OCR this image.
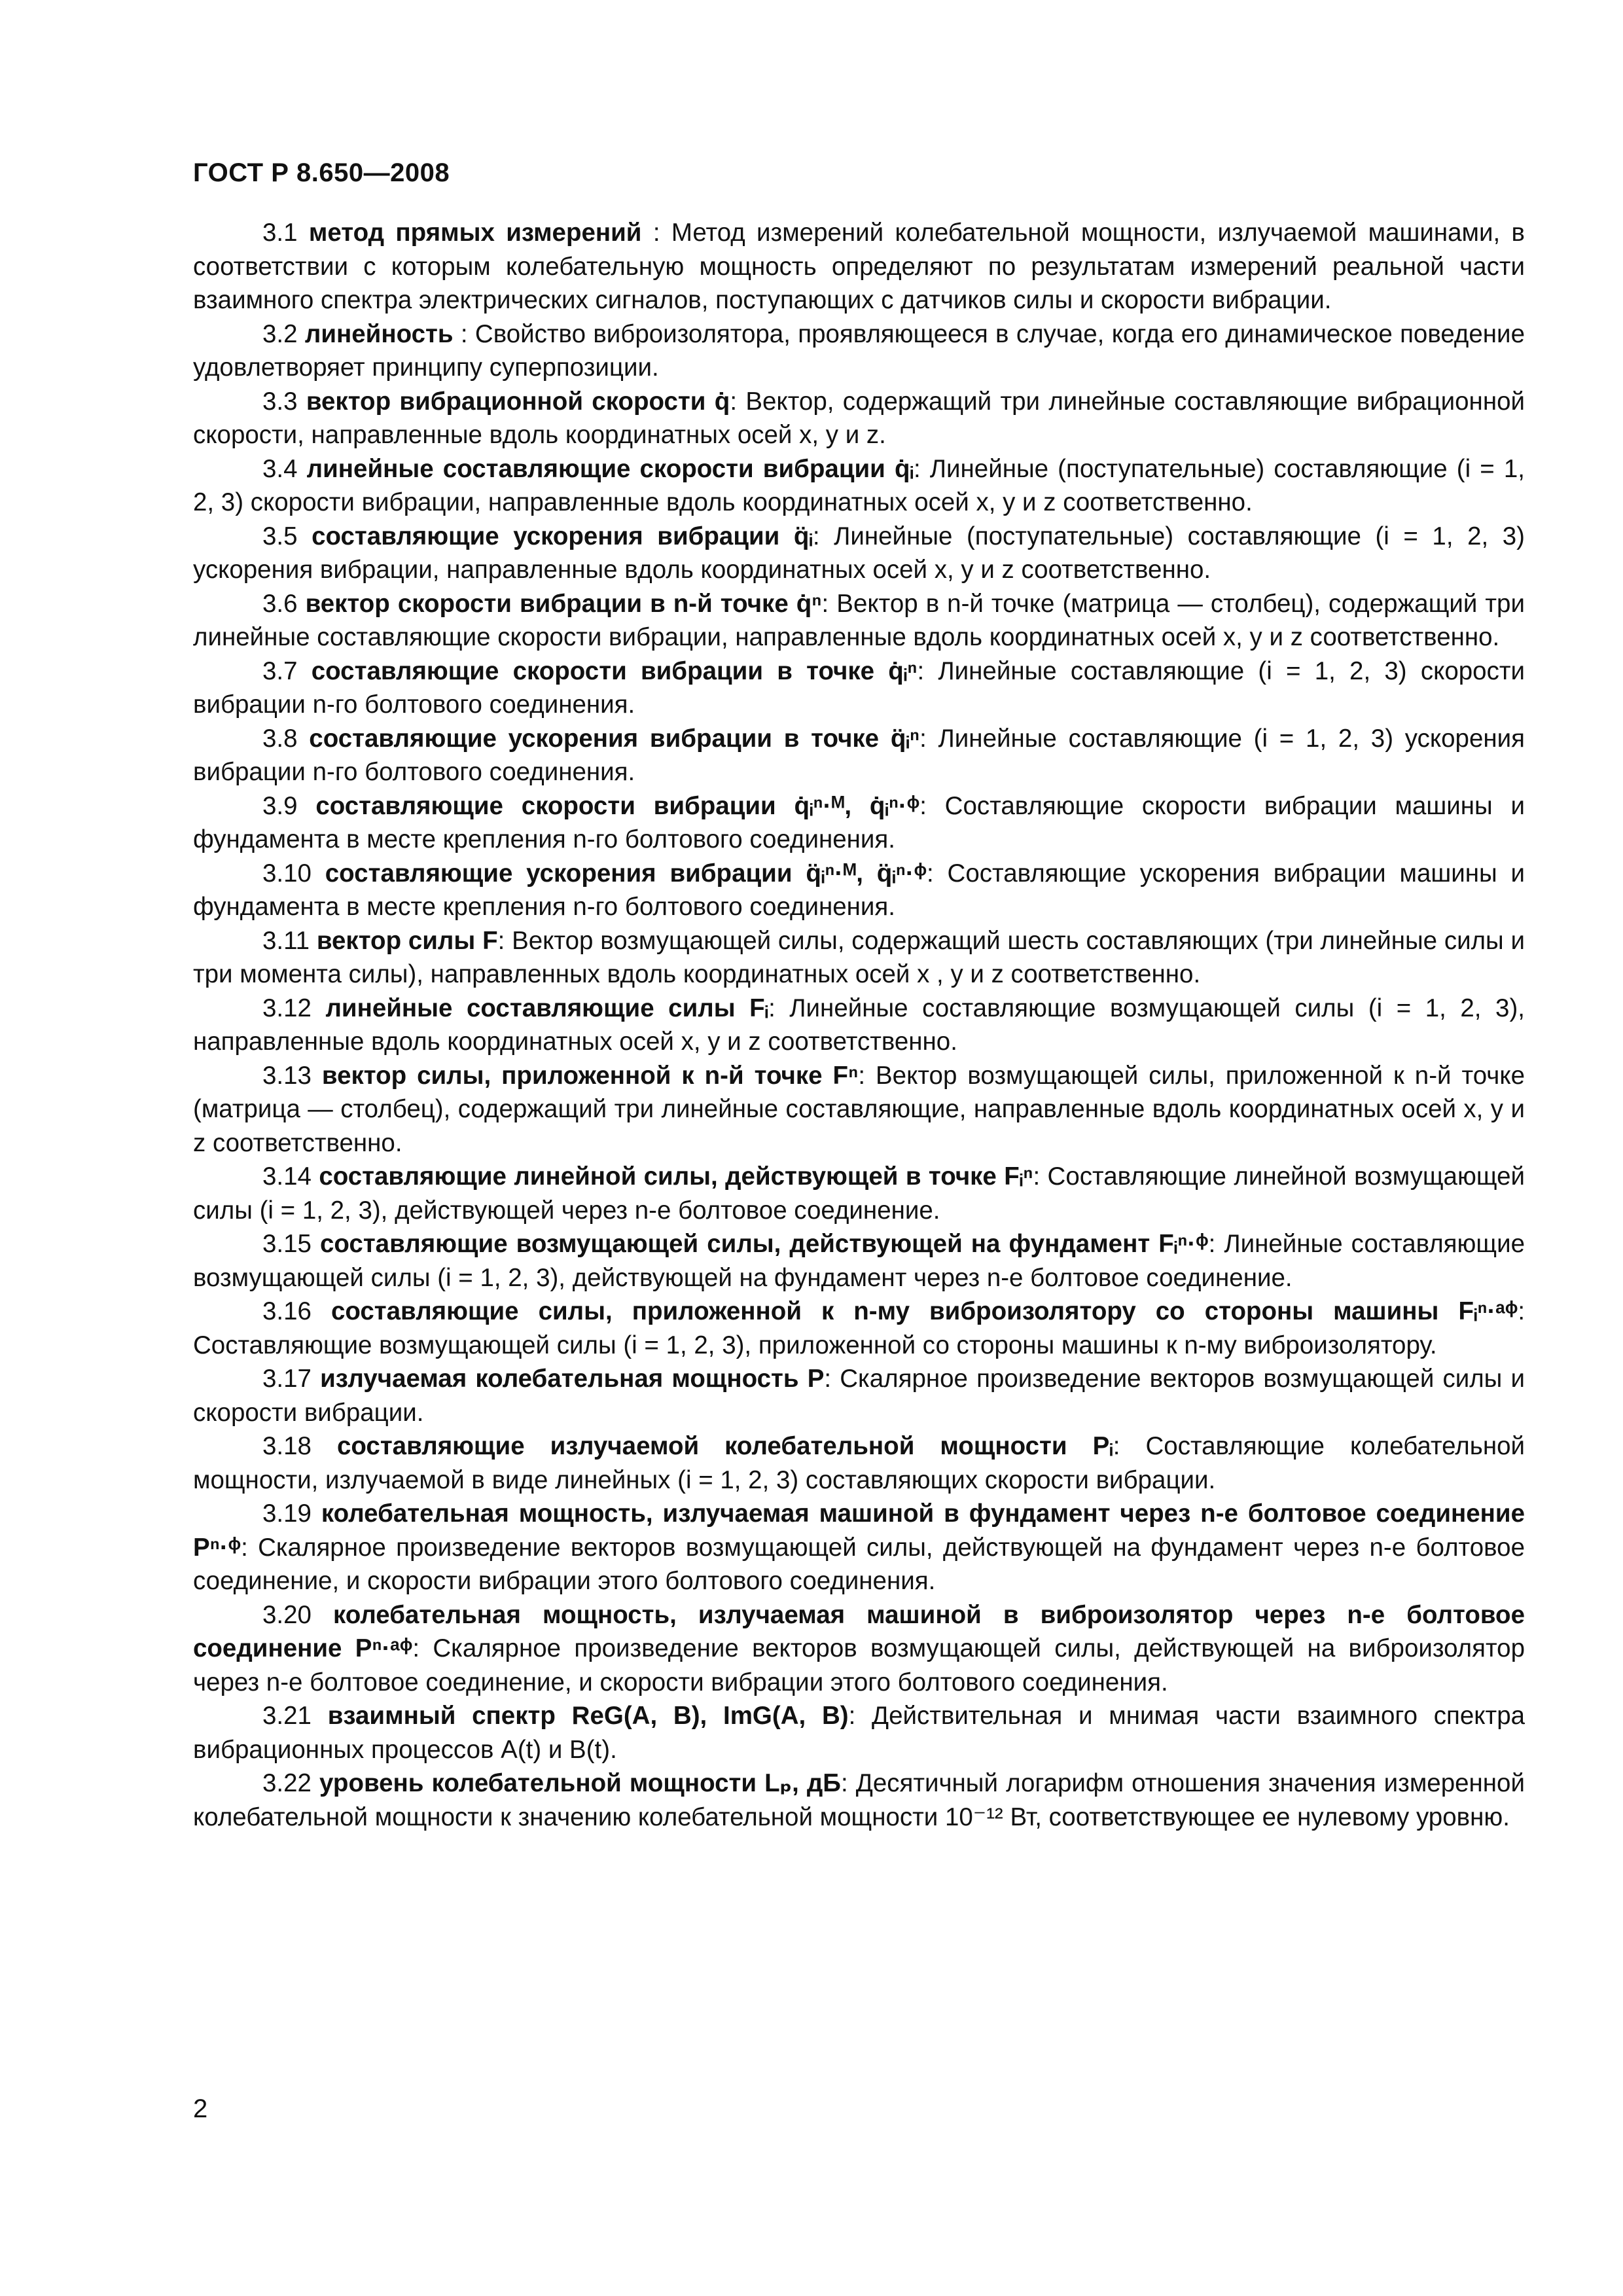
ГОСТ Р 8.650—2008

3.1 метод прямых измерений : Метод измерений колебательной мощности, излучаемой машинами, в соответствии с которым колебательную мощность определяют по результатам измерений реальной части взаимного спектра электрических сигналов, поступающих с датчиков силы и скорости вибрации.

3.2 линейность : Свойство виброизолятора, проявляющееся в случае, когда его динамическое поведение удовлетворяет принципу суперпозиции.

3.3 вектор вибрационной скорости q̇: Вектор, содержащий три линейные составляющие вибрационной скорости, направленные вдоль координатных осей x, y и z.

3.4 линейные составляющие скорости вибрации q̇ᵢ: Линейные (поступательные) составляющие (i = 1, 2, 3) скорости вибрации, направленные вдоль координатных осей x, y и z соответственно.

3.5 составляющие ускорения вибрации q̈ᵢ: Линейные (поступательные) составляющие (i = 1, 2, 3) ускорения вибрации, направленные вдоль координатных осей x, y и z соответственно.

3.6 вектор скорости вибрации в n-й точке q̇ⁿ: Вектор в n-й точке (матрица — столбец), содержащий три линейные составляющие скорости вибрации, направленные вдоль координатных осей x, y и z соответственно.

3.7 составляющие скорости вибрации в точке q̇ᵢⁿ: Линейные составляющие (i = 1, 2, 3) скорости вибрации n-го болтового соединения.

3.8 составляющие ускорения вибрации в точке q̈ᵢⁿ: Линейные составляющие (i = 1, 2, 3) ускорения вибрации n-го болтового соединения.

3.9 составляющие скорости вибрации q̇ᵢⁿ·ᴹ, q̇ᵢⁿ·ᶲ: Составляющие скорости вибрации машины и фундамента в месте крепления n-го болтового соединения.

3.10 составляющие ускорения вибрации q̈ᵢⁿ·ᴹ, q̈ᵢⁿ·ᶲ: Составляющие ускорения вибрации машины и фундамента в месте крепления n-го болтового соединения.

3.11 вектор силы F: Вектор возмущающей силы, содержащий шесть составляющих (три линейные силы и три момента силы), направленных вдоль координатных осей x , y и z соответственно.

3.12 линейные составляющие силы Fᵢ: Линейные составляющие возмущающей силы (i = 1, 2, 3), направленные вдоль координатных осей x, y и z соответственно.

3.13 вектор силы, приложенной к n-й точке Fⁿ: Вектор возмущающей силы, приложенной к n-й точке (матрица — столбец), содержащий три линейные составляющие, направленные вдоль координатных осей x, y и z соответственно.

3.14 составляющие линейной силы, действующей в точке Fᵢⁿ: Составляющие линейной возмущающей силы (i = 1, 2, 3), действующей через n-е болтовое соединение.

3.15 составляющие возмущающей силы, действующей на фундамент Fᵢⁿ·ᶲ: Линейные составляющие возмущающей силы (i = 1, 2, 3), действующей на фундамент через n-е болтовое соединение.

3.16 составляющие силы, приложенной к n-му виброизолятору со стороны машины Fᵢⁿ·ᵃᶲ: Составляющие возмущающей силы (i = 1, 2, 3), приложенной со стороны машины к n-му виброизолятору.

3.17 излучаемая колебательная мощность P: Скалярное произведение векторов возмущающей силы и скорости вибрации.

3.18 составляющие излучаемой колебательной мощности Pᵢ: Составляющие колебательной мощности, излучаемой в виде линейных (i = 1, 2, 3) составляющих скорости вибрации.

3.19 колебательная мощность, излучаемая машиной в фундамент через n-е болтовое соединение Pⁿ·ᶲ: Скалярное произведение векторов возмущающей силы, действующей на фундамент через n-е болтовое соединение, и скорости вибрации этого болтового соединения.

3.20 колебательная мощность, излучаемая машиной в виброизолятор через n-е болтовое соединение Pⁿ·ᵃᶲ: Скалярное произведение векторов возмущающей силы, действующей на виброизолятор через n-е болтовое соединение, и скорости вибрации этого болтового соединения.

3.21 взаимный спектр ReG(A, B), ImG(A, B): Действительная и мнимая части взаимного спектра вибрационных процессов A(t) и B(t).

3.22 уровень колебательной мощности Lₚ, дБ: Десятичный логарифм отношения значения измеренной колебательной мощности к значению колебательной мощности 10⁻¹² Вт, соответствующее ее нулевому уровню.

2
